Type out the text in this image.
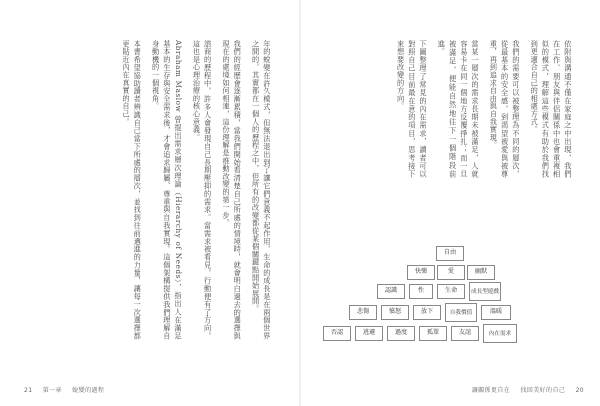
年的蛻變在許久模式，但無法退出到了讓它們意義不起作用，生命的成長是在兩個世界之間的，其實都在一個人的歷程之中，但所有的改變都從某個關鍵點開始展開。

我們的經歷會逐漸累積，當我們開始看清楚自己所處的情境時，就會明白過去的選擇與現在的處境如何相連，這份理解是推動改變的第一步。

諮商的歷程中，許多人會發現自己長期壓抑的需求。當需求被看見，行動便有了方向，這也是心理治療的核心意義。

Abraham Maslow 曾提出需求層次理論（Hierarchy of Needs），指出人在滿足基本的生存與安全需求後，才會追求歸屬、尊重與自我實現。這個架構提供我們理解自身動機的一個視角。

本書希望協助讀者辨識自己當下所處的層次，並找到往前邁進的力量，讓每一次選擇都更貼近內在真實的自己。

21 第一章 蛻變的過程

依附與溝通不僅在家庭之中出現，我們在工作、朋友與伴侶關係中也會重複相似的模式，理解這些模式有助於我們找到更適合自己的相處方式。

我們的需要可以被整理為不同的層次，從最基本的安全感，到渴望被愛與被尊重，再到追求自由與自我實現。

當某一層次的需求長期未被滿足，人就容易卡在同一個地方反覆掙扎；而一旦被滿足，便能自然地往下一個階段前進。

下圖整理了常見的內在需求，讀者可以對照自己目前最在意的項目，思考接下來想要改變的方向。

自由
快樂	愛	幽默
認識	性	生命	成長型遊戲
悲傷	憤怒	放下	自我價值	溫暖
否認	逃避	過度	孤單	友誼	內在需求
讓關係更自在 找回美好的自己 20
